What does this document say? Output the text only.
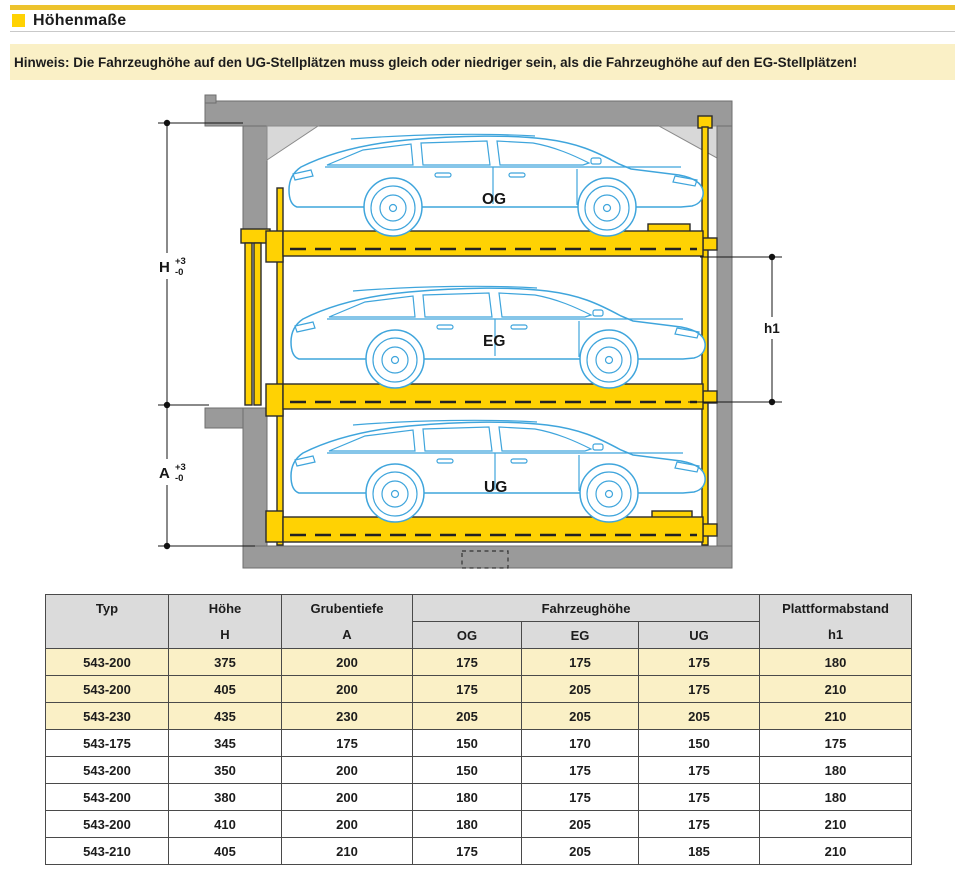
Höhenmaße
Hinweis: Die Fahrzeughöhe auf den UG-Stellplätzen muss gleich oder niedriger sein, als die Fahrzeughöhe auf den EG-Stellplätzen!
OG
EG
UG
H +3
-0
A +3
-0
h1
Typ	Höhe	Grubentiefe	Fahrzeughöhe			Plattformabstand
	H	A	OG	EG	UG	h1
543-200	375	200	175	175	175	180
543-200	405	200	175	205	175	210
543-230	435	230	205	205	205	210
543-175	345	175	150	170	150	175
543-200	350	200	150	175	175	180
543-200	380	200	180	175	175	180
543-200	410	200	180	205	175	210
543-210	405	210	175	205	185	210
